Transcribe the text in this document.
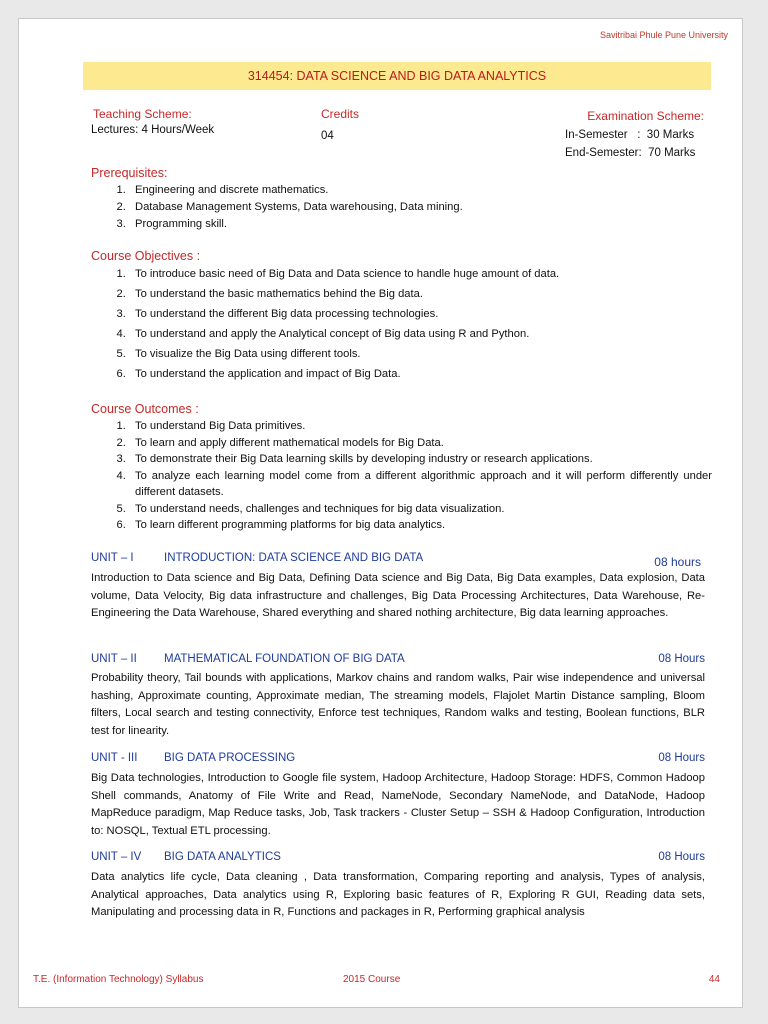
Savitribai Phule Pune University
314454: DATA SCIENCE AND BIG DATA ANALYTICS
Teaching Scheme:
Lectures: 4 Hours/Week
Credits
04
Examination Scheme:
In-Semester   :  30 Marks
End-Semester:  70 Marks
Prerequisites:
1. Engineering and discrete mathematics.
2. Database Management Systems, Data warehousing, Data mining.
3. Programming skill.
Course Objectives :
1. To introduce basic need of Big Data and Data science to handle huge amount of data.
2. To understand the basic mathematics behind the Big data.
3. To understand the different Big data processing technologies.
4. To understand and apply the Analytical concept of Big data using R and Python.
5. To visualize the Big Data using different tools.
6. To understand the application and impact of Big Data.
Course Outcomes :
1. To understand Big Data primitives.
2. To learn and apply different mathematical models for Big Data.
3. To demonstrate their Big Data learning skills by developing industry or research applications.
4. To analyze each learning model come from a different algorithmic approach and it will perform differently under different datasets.
5. To understand needs, challenges and techniques for big data visualization.
6. To learn different programming platforms for big data analytics.
UNIT – I	INTRODUCTION: DATA SCIENCE AND BIG DATA	08 hours
Introduction to Data science and Big Data, Defining Data science and Big Data, Big Data examples, Data explosion, Data volume, Data Velocity, Big data infrastructure and challenges, Big Data Processing Architectures, Data Warehouse, Re-Engineering the Data Warehouse, Shared everything and shared nothing architecture, Big data learning approaches.
UNIT – II MATHEMATICAL FOUNDATION OF BIG DATA	08 Hours
Probability theory, Tail bounds with applications, Markov chains and random walks, Pair wise independence and universal hashing, Approximate counting, Approximate median, The streaming models, Flajolet Martin Distance sampling, Bloom filters, Local search and testing connectivity, Enforce test techniques, Random walks and testing, Boolean functions, BLR test for linearity.
UNIT - III BIG DATA PROCESSING	08 Hours
Big Data technologies, Introduction to Google file system, Hadoop Architecture, Hadoop Storage: HDFS, Common Hadoop Shell commands, Anatomy of File Write and Read, NameNode, Secondary NameNode, and DataNode, Hadoop MapReduce paradigm, Map Reduce tasks, Job, Task trackers - Cluster Setup – SSH & Hadoop Configuration, Introduction to: NOSQL, Textual ETL processing.
UNIT – IV BIG DATA ANALYTICS	08 Hours
Data analytics life cycle, Data cleaning , Data transformation, Comparing reporting and analysis, Types of analysis, Analytical approaches, Data analytics using R, Exploring basic features of R, Exploring R GUI, Reading data sets, Manipulating and processing data in R, Functions and packages in R, Performing graphical analysis
T.E. (Information Technology) Syllabus	2015 Course	44
